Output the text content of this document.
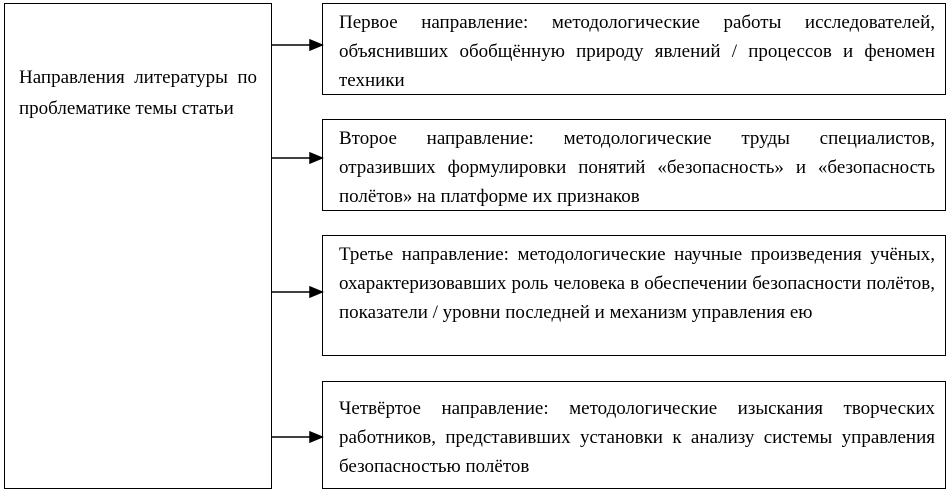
Направления литературы по проблематике темы статьи
Первое направление: методологические работы исследователей, объяснивших обобщённую природу явлений / процессов и феномен техники
Второе направление: методологические труды специалистов, отразивших формулировки понятий «безопасность» и «безопасность полётов» на платформе их признаков
Третье направление: методологические научные произведения учёных, охарактеризовавших роль человека в обеспечении безопасности полётов, показатели / уровни последней и механизм управления ею
Четвёртое направление: методологические изыскания творческих работников, представивших установки к анализу системы управления безопасностью полётов
